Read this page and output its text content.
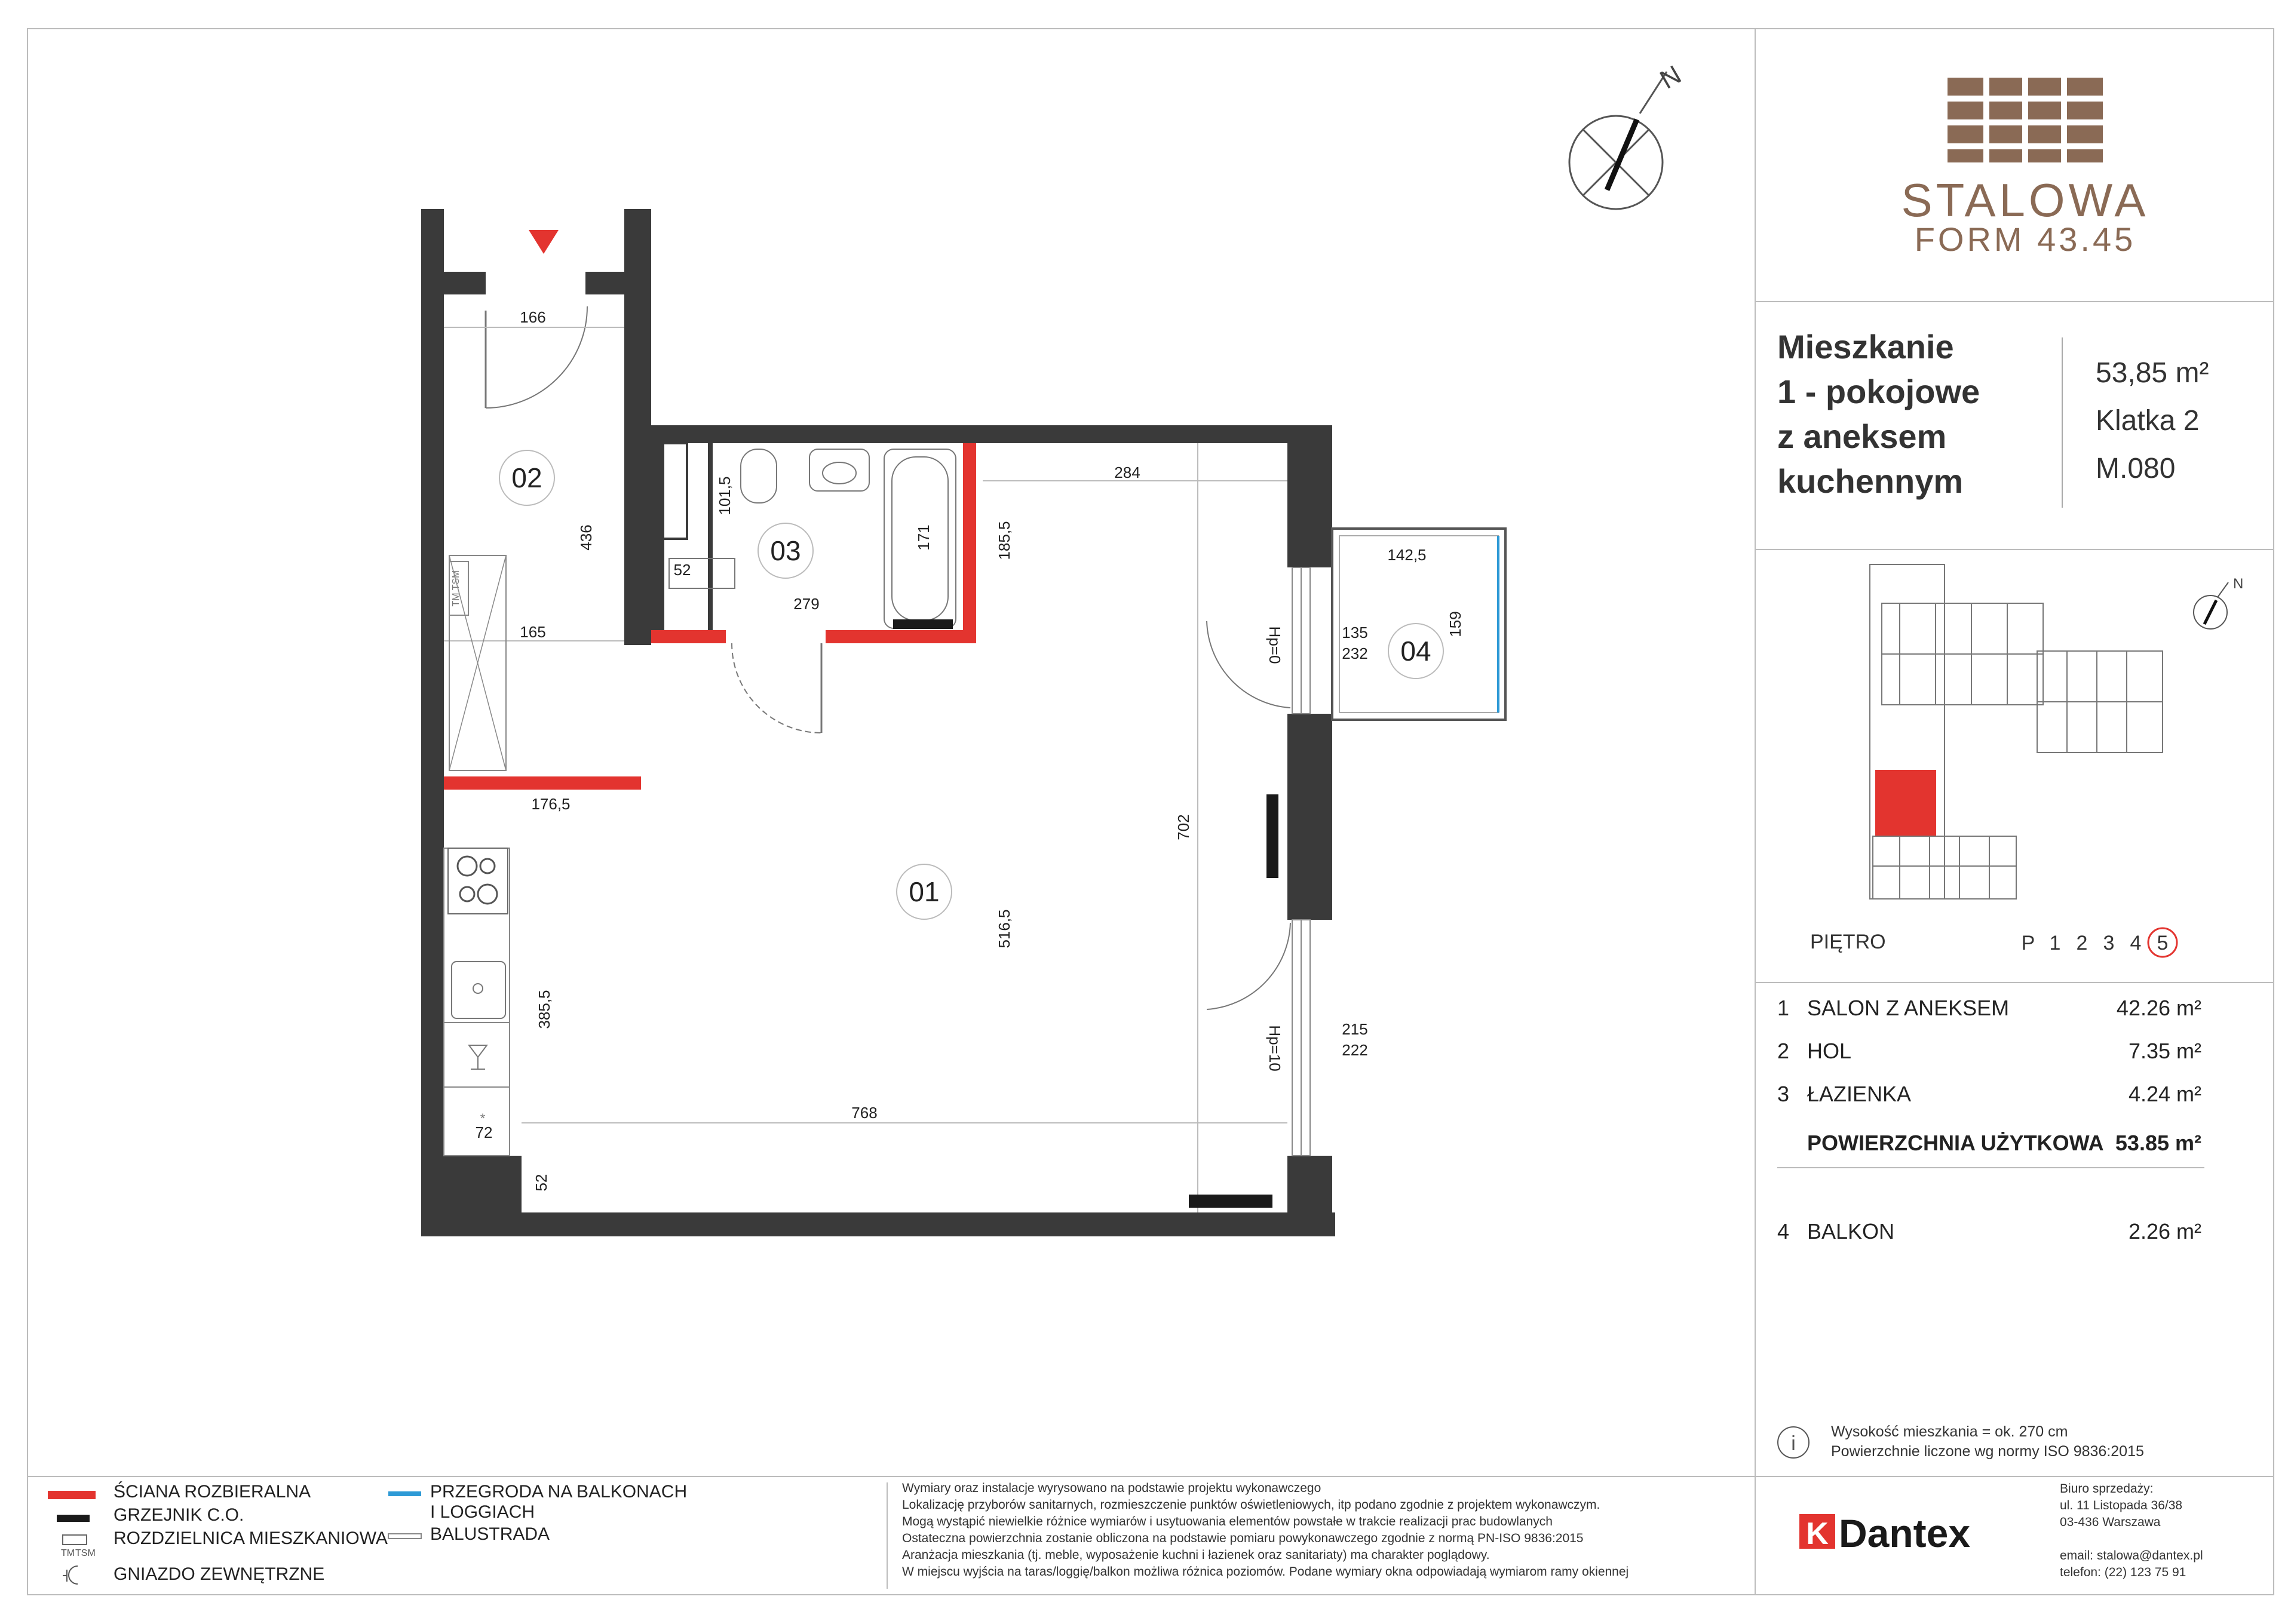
TM TSM
*
01
02
03
04
166
436
165
176,5
385,5
72
52
101,5
52
279
171	185,5
284
516,5
702
768
142,5
135
232
159
215
222
Hp=0
Hp=10
N
STALOWA
FORM 43.45
Mieszkanie
1 - pokojowe
z aneksem
kuchennym
53,85 m²
Klatka 2
M.080
N
PIĘTRO	P 1 2 3 4 5
1 SALON Z ANEKSEM	42.26 m²
2 HOL	7.35 m²
3 ŁAZIENKA	4.24 m²
POWIERZCHNIA UŻYTKOWA 53.85 m²
4 BALKON	2.26 m²
i
Wysokość mieszkania = ok. 270 cm
Powierzchnie liczone wg normy ISO 9836:2015
ŚCIANA ROZBIERALNA
GRZEJNIK C.O.
TM TSM
ROZDZIELNICA MIESZKANIOWA
GNIAZDO ZEWNĘTRZNE
PRZEGRODA NA BALKONACH
I LOGGIACH
BALUSTRADA
Wymiary oraz instalacje wyrysowano na podstawie projektu wykonawczego
Lokalizację przyborów sanitarnych, rozmieszczenie punktów oświetleniowych, itp podano zgodnie z projektem wykonawczym.
Mogą wystąpić niewielkie różnice wymiarów i usytuowania elementów powstałe w trakcie realizacji prac budowlanych
Ostateczna powierzchnia zostanie obliczona na podstawie pomiaru powykonawczego zgodnie z normą PN-ISO 9836:2015
Aranżacja mieszkania (tj. meble, wyposażenie kuchni i łazienek oraz sanitariaty) ma charakter poglądowy.
W miejscu wyjścia na taras/loggię/balkon możliwa różnica poziomów. Podane wymiary okna odpowiadają wymiarom ramy okiennej
K Dantex
Biuro sprzedaży:
ul. 11 Listopada 36/38
03-436 Warszawa
email: stalowa@dantex.pl
telefon: (22) 123 75 91
